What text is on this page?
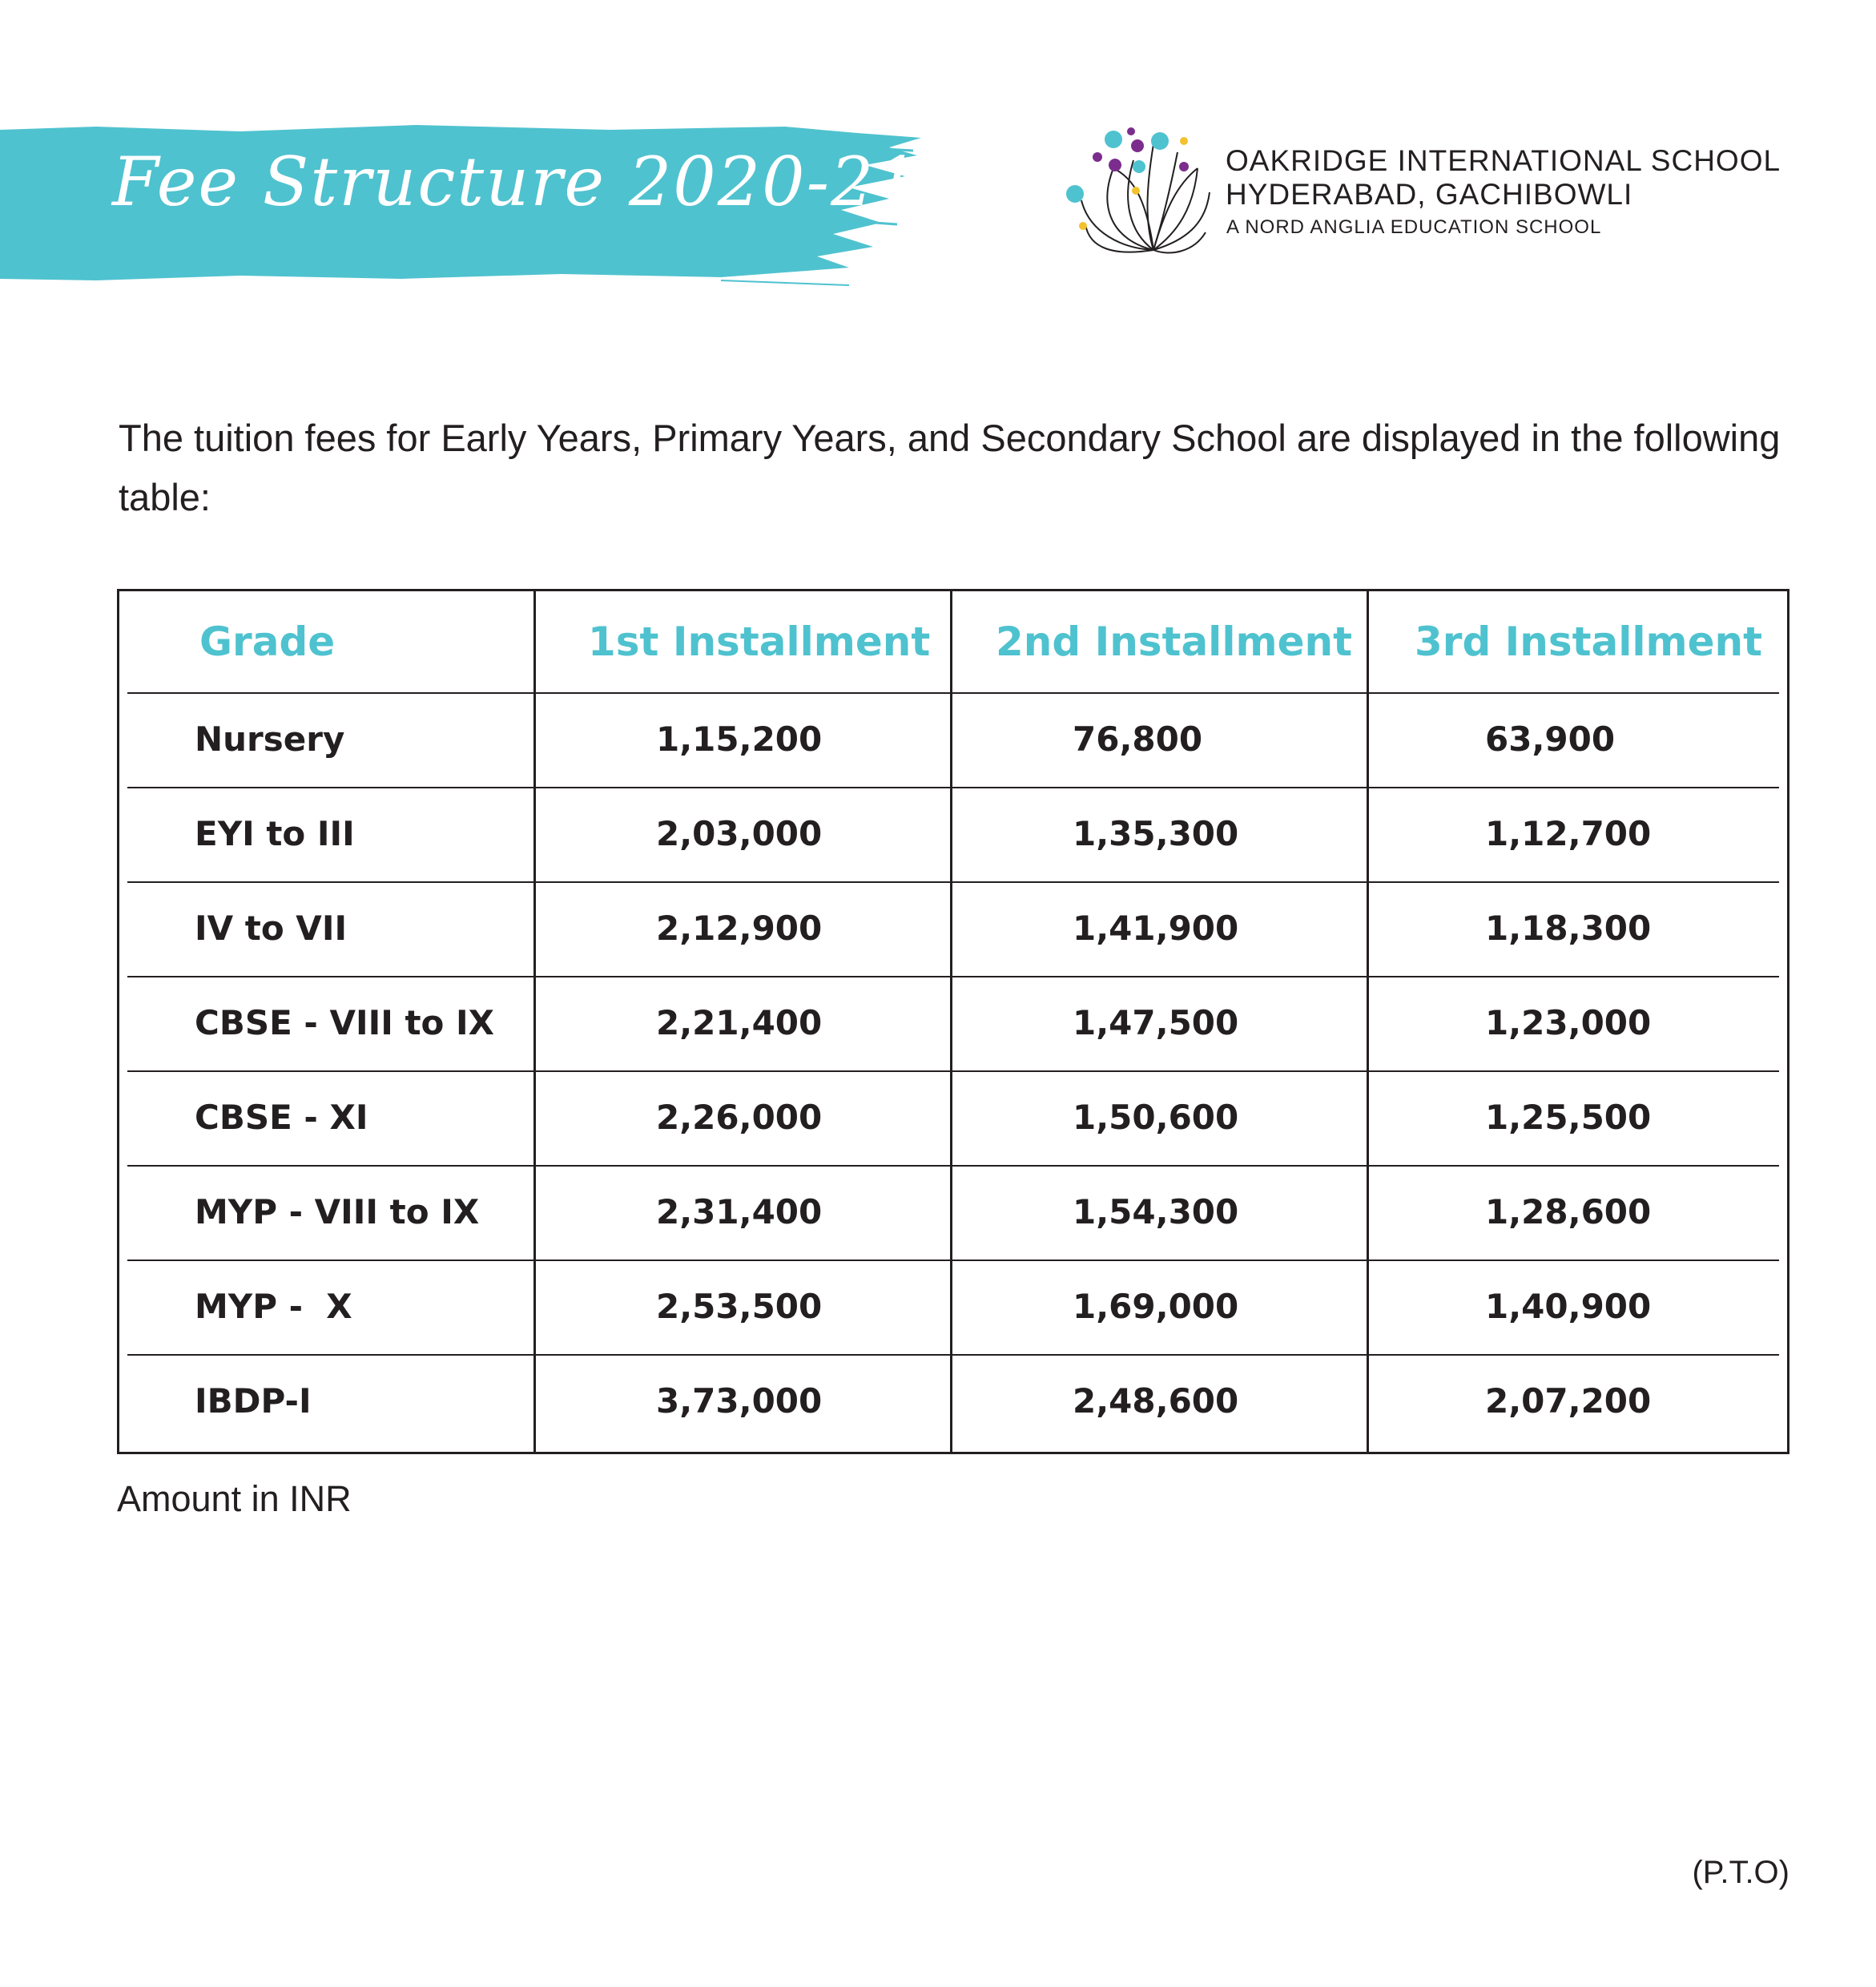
Fee Structure 2020-21	OAKRIDGE INTERNATIONAL SCHOOL
HYDERABAD, GACHIBOWLI
A NORD ANGLIA EDUCATION SCHOOL
The tuition fees for Early Years, Primary Years, and Secondary School are displayed in the following table:
Grade	1st Installment 2nd Installment 3rd Installment
Nursery	1,15,200	76,800	63,900
EYI to III	2,03,000	1,35,300	1,12,700
IV to VII	2,12,900	1,41,900	1,18,300
CBSE - VIII to IX	2,21,400	1,47,500	1,23,000
CBSE - XI	2,26,000	1,50,600	1,25,500
MYP - VIII to IX	2,31,400	1,54,300	1,28,600
MYP -  X	2,53,500	1,69,000	1,40,900
IBDP-I	3,73,000	2,48,600	2,07,200
Amount in INR
(P.T.O)
